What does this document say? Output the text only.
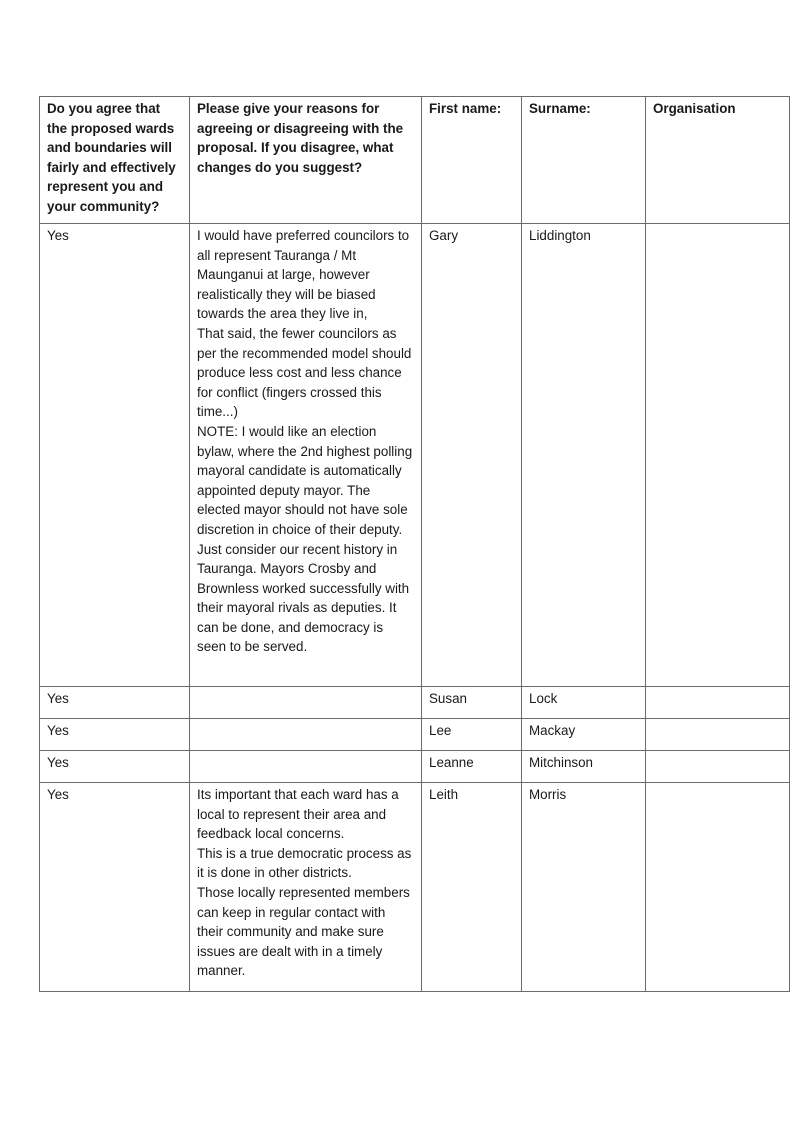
Do you agree that the proposed wards and boundaries will fairly and effectively represent you and your community?	Please give your reasons for agreeing or disagreeing with the proposal. If you disagree, what changes do you suggest?	First name:	Surname:	Organisation
Yes	I would have preferred councilors to all represent Tauranga / Mt Maunganui at large, however realistically they will be biased towards the area they live in,
That said, the fewer councilors as per the recommended model should produce less cost and less chance for conflict (fingers crossed this time...)
NOTE: I would like an election bylaw, where the 2nd highest polling mayoral candidate is automatically appointed deputy mayor. The elected mayor should not have sole discretion in choice of their deputy.
Just consider our recent history in Tauranga. Mayors Crosby and Brownless worked successfully with their mayoral rivals as deputies. It can be done, and democracy is seen to be served.	Gary	Liddington	
Yes		Susan	Lock	
Yes		Lee	Mackay	
Yes		Leanne	Mitchinson	
Yes	Its important that each ward has a local to represent their area and feedback local concerns.
This is a true democratic process as it is done in other districts.
Those locally represented members can keep in regular contact with their community and make sure issues are dealt with in a timely manner.	Leith	Morris	
